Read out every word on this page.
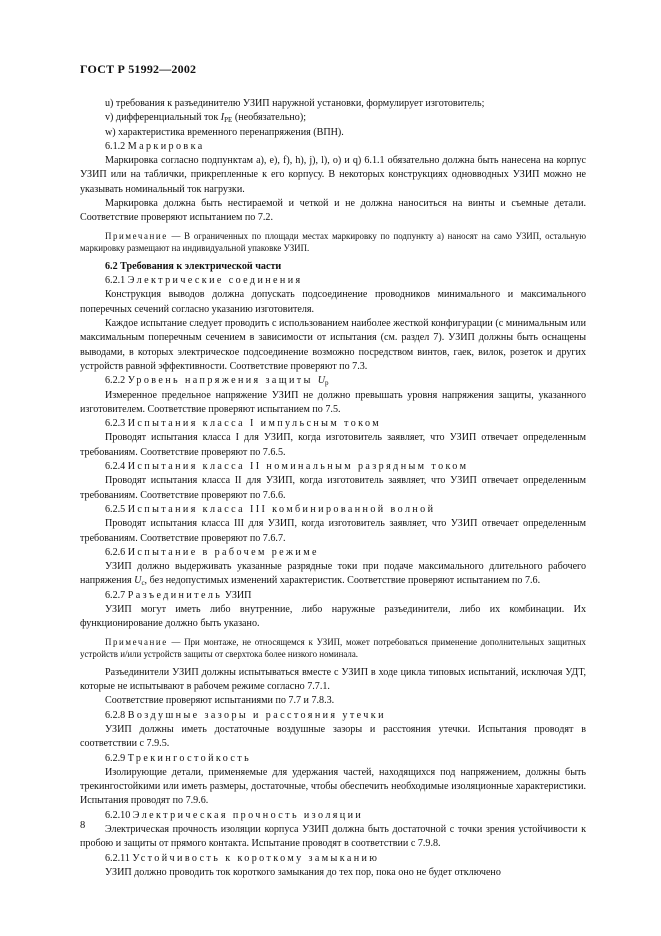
ГОСТ Р 51992—2002

u) требования к разъединителю УЗИП наружной установки, формулирует изготовитель;

v) дифференциальный ток $I_{PE}$ (необязательно);

w) характеристика временного перенапряжения (ВПН).

6.1.2 Маркировка

Маркировка согласно подпунктам a), e), f), h), j), l), o) и q) 6.1.1 обязательно должна быть нанесена на корпус УЗИП или на таблички, прикрепленные к его корпусу. В некоторых конструкциях одновводных УЗИП можно не указывать номинальный ток нагрузки.

Маркировка должна быть нестираемой и четкой и не должна наноситься на винты и съемные детали. Соответствие проверяют испытанием по 7.2.

Примечание — В ограниченных по площади местах маркировку по подпункту a) наносят на само УЗИП, остальную маркировку размещают на индивидуальной упаковке УЗИП.

6.2 Требования к электрической части

6.2.1 Электрические соединения

Конструкция выводов должна допускать подсоединение проводников минимального и максимального поперечных сечений согласно указанию изготовителя.

Каждое испытание следует проводить с использованием наиболее жесткой конфигурации (с минимальным или максимальным поперечным сечением в зависимости от испытания (см. раздел 7). УЗИП должны быть оснащены выводами, в которых электрическое подсоединение возможно посредством винтов, гаек, вилок, розеток и других устройств равной эффективности. Соответствие проверяют по 7.3.

6.2.2 Уровень напряжения защиты $U_p$

Измеренное предельное напряжение УЗИП не должно превышать уровня напряжения защиты, указанного изготовителем. Соответствие проверяют испытанием по 7.5.

6.2.3 Испытания класса I импульсным током

Проводят испытания класса I для УЗИП, когда изготовитель заявляет, что УЗИП отвечает определенным требованиям. Соответствие проверяют по 7.6.5.

6.2.4 Испытания класса II номинальным разрядным током

Проводят испытания класса II для УЗИП, когда изготовитель заявляет, что УЗИП отвечает определенным требованиям. Соответствие проверяют по 7.6.6.

6.2.5 Испытания класса III комбинированной волной

Проводят испытания класса III для УЗИП, когда изготовитель заявляет, что УЗИП отвечает определенным требованиям. Соответствие проверяют по 7.6.7.

6.2.6 Испытание в рабочем режиме

УЗИП должно выдерживать указанные разрядные токи при подаче максимального длительного рабочего напряжения $U_c$, без недопустимых изменений характеристик. Соответствие проверяют испытанием по 7.6.

6.2.7 Разъединитель УЗИП

УЗИП могут иметь либо внутренние, либо наружные разъединители, либо их комбинации. Их функционирование должно быть указано.

Примечание — При монтаже, не относящемся к УЗИП, может потребоваться применение дополнительных защитных устройств и/или устройств защиты от сверхтока более низкого номинала.

Разъединители УЗИП должны испытываться вместе с УЗИП в ходе цикла типовых испытаний, исключая УДТ, которые не испытывают в рабочем режиме согласно 7.7.1.

Соответствие проверяют испытаниями по 7.7 и 7.8.3.

6.2.8 Воздушные зазоры и расстояния утечки

УЗИП должны иметь достаточные воздушные зазоры и расстояния утечки. Испытания проводят в соответствии с 7.9.5.

6.2.9 Трекингостойкость

Изолирующие детали, применяемые для удержания частей, находящихся под напряжением, должны быть трекингостойкими или иметь размеры, достаточные, чтобы обеспечить необходимые изоляционные характеристики. Испытания проводят по 7.9.6.

6.2.10 Электрическая прочность изоляции

Электрическая прочность изоляции корпуса УЗИП должна быть достаточной с точки зрения устойчивости к пробою и защиты от прямого контакта. Испытание проводят в соответствии с 7.9.8.

6.2.11 Устойчивость к короткому замыканию

УЗИП должно проводить ток короткого замыкания до тех пор, пока оно не будет отключено

8
